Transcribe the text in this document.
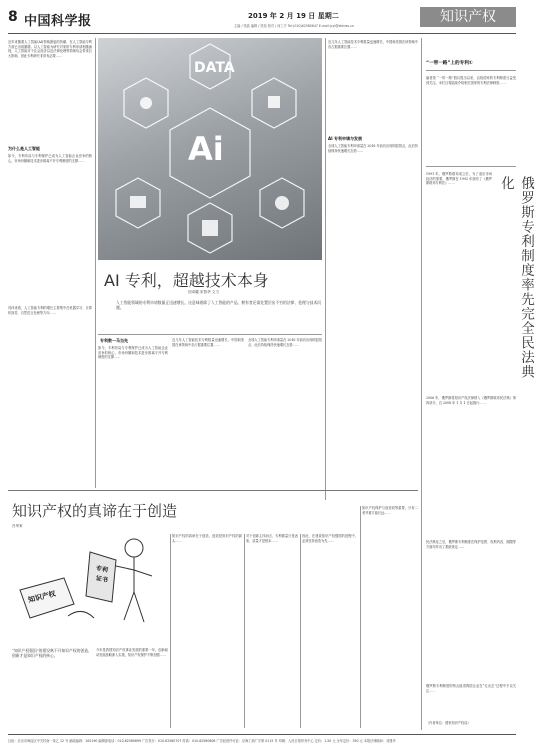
8 中国科学报	2019 年 2 月 19 日 星期二
主编 / 张晶 编辑 / 张拓 校对 / 何工斤 Tel:(010)62580647 E-mail:jcyi@stimes.cn
知识产权
DATA
Ai
近年来随着人工智能(AI)领域掀起的热潮，在人工智能专利方面已出现激增。以人工智能为研究对象的专利申请相继涌现，人工智能对于社会经济以及法律伦理等领域均会带来巨大影响，因此专利研究非常有必要……
为什么是人工智能
如今，专利布局与专利保护已成为人工智能企业竞争的核心，市场份额和技术进步都离不开专利制度的支撑……
近几年人工智能技术专利数量迅速增长，中国和美国在该领域中各占据重要位置……
AI 专利申请与发展
全球人工智能专利申请量在 2016 年前后出现明显拐点，此后持续保持快速增长态势……
AI 专利，超越技术本身
回卓耀 宋智华 文力
人工智能领域的专利申请数量正迅速增长。这意味着除了人工智能的产品，拥有者还需处置层出不穷的法律、伦理与技术问题。
具体来看，人工智能专利的增长主要集中在机器学习、计算机视觉、自然语言处理等方向……
专利数一马当先
如今，专利布局与专利保护已成为人工智能企业竞争的核心，市场份额和技术进步都离不开专利制度的支撑……
近几年人工智能技术专利数量迅速增长，中国和美国在该领域中各占据重要位置……
全球人工智能专利申请量在 2016 年前后出现明显拐点，此后持续保持快速增长态势……
知识产权的真谛在于创造
吕华家
知识产权
专利
证书
“知识产权强国”的建设离不开知识产权的创造，创新才是知识产权的核心。
今年是我国知识产权事业发展的重要一年，创新驱动发展战略深入实施，知识产权保护不断加强……
知识产权的真谛在于创造，创造是知识产权的源头……
对于创新主体而言，专利数量只是表象，质量才是根本……
因此，在建设知识产权强国的进程中，必须坚持创造为先……
知识产权保护与创造同等重要，只有二者并重方能长远……
“一带一路”上的专利①
编者按 “一带一路”倡议提出以来，沿线国家的专利制度日益受到关注。本栏目将陆续介绍相关国家的专利法律制度……
1991 年，俄罗斯联邦成立后，为了适应市场经济的需要，俄罗斯在 1992 年颁布了《俄罗斯联邦专利法》……	俄罗斯专利制度率先完全民法典化
2006 年，俄罗斯将知识产权法律纳入《俄罗斯联邦民法典》第四部分，自 2008 年 1 月 1 日起施行……
民法典化之后，俄罗斯专利制度在保护范围、权利内容、期限等方面均作出了系统规定……
俄罗斯专利制度的特点值得我国企业在“走出去”过程中予以关注……
（作者单位：国家知识产权局）
社址：北京市海淀区中关村南一条乙 12 号 邮政编码：100190 编辑部电话：010-62580699 广告发行：010-62580707 传真：010-62580608 广告经营许可证：京海工商广字第 0115 号 印刷：人民日报印务中心 定价：1.50 元 全年定价：350 元 本报法律顾问：邓建华
